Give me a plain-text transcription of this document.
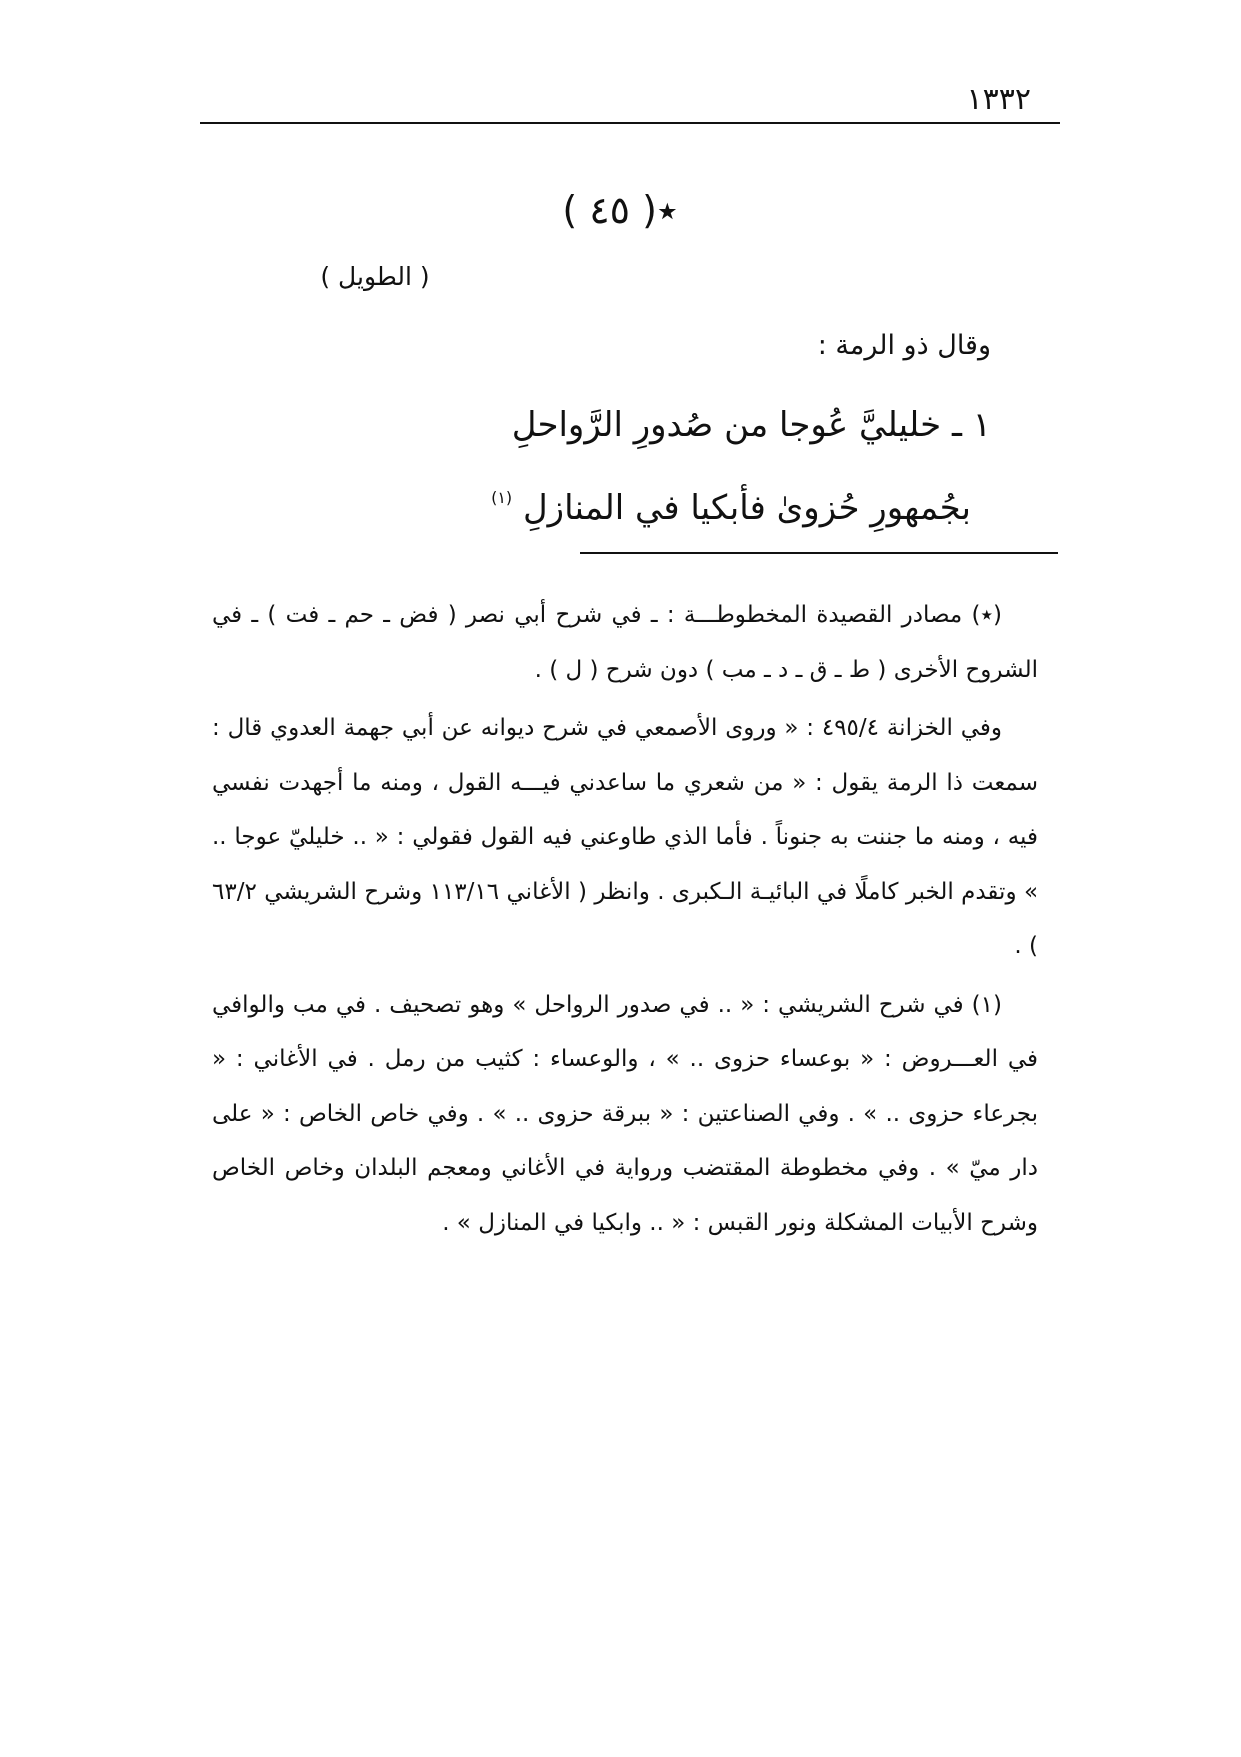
١٣٣٢
٭( ٤٥ )
( الطويل )
وقال ذو الرمة :
١ ـ خليليَّ عُوجا من صُدورِ الرَّواحلِ
بجُمهورِ حُزوىٰ فأبكيا في المنازلِ $^{(١)}$

(٭) مصادر القصيدة المخطوطـــة : ـ في شرح أبي نصر ( فض ـ حم ـ فت ) ـ في الشروح الأخرى ( ط ـ ق ـ د ـ مب ) دون شرح ( ل ) .

وفي الخزانة ٤٩٥/٤ : « وروى الأصمعي في شرح ديوانه عن أبي جهمة العدوي قال : سمعت ذا الرمة يقول : « من شعري ما ساعدني فيـــه القول ، ومنه ما أجهدت نفسي فيه ، ومنه ما جننت به جنوناً . فأما الذي طاوعني فيه القول فقولي : « .. خليليّ عوجا .. » وتقدم الخبر كاملًا في البائيـة الـكبرى . وانظر ( الأغاني ١١٣/١٦ وشرح الشريشي ٦٣/٢ ) .

(١) في شرح الشريشي : « .. في صدور الرواحل » وهو تصحيف . في مب والوافي في العـــروض : « بوعساء حزوى .. » ، والوعساء : كثيب من رمل . في الأغاني : « بجرعاء حزوى .. » . وفي الصناعتين : « ببرقة حزوى .. » . وفي خاص الخاص : « على دار ميّ » . وفي مخطوطة المقتضب ورواية في الأغاني ومعجم البلدان وخاص الخاص وشرح الأبيات المشكلة ونور القبس : « .. وابكيا في المنازل » .
